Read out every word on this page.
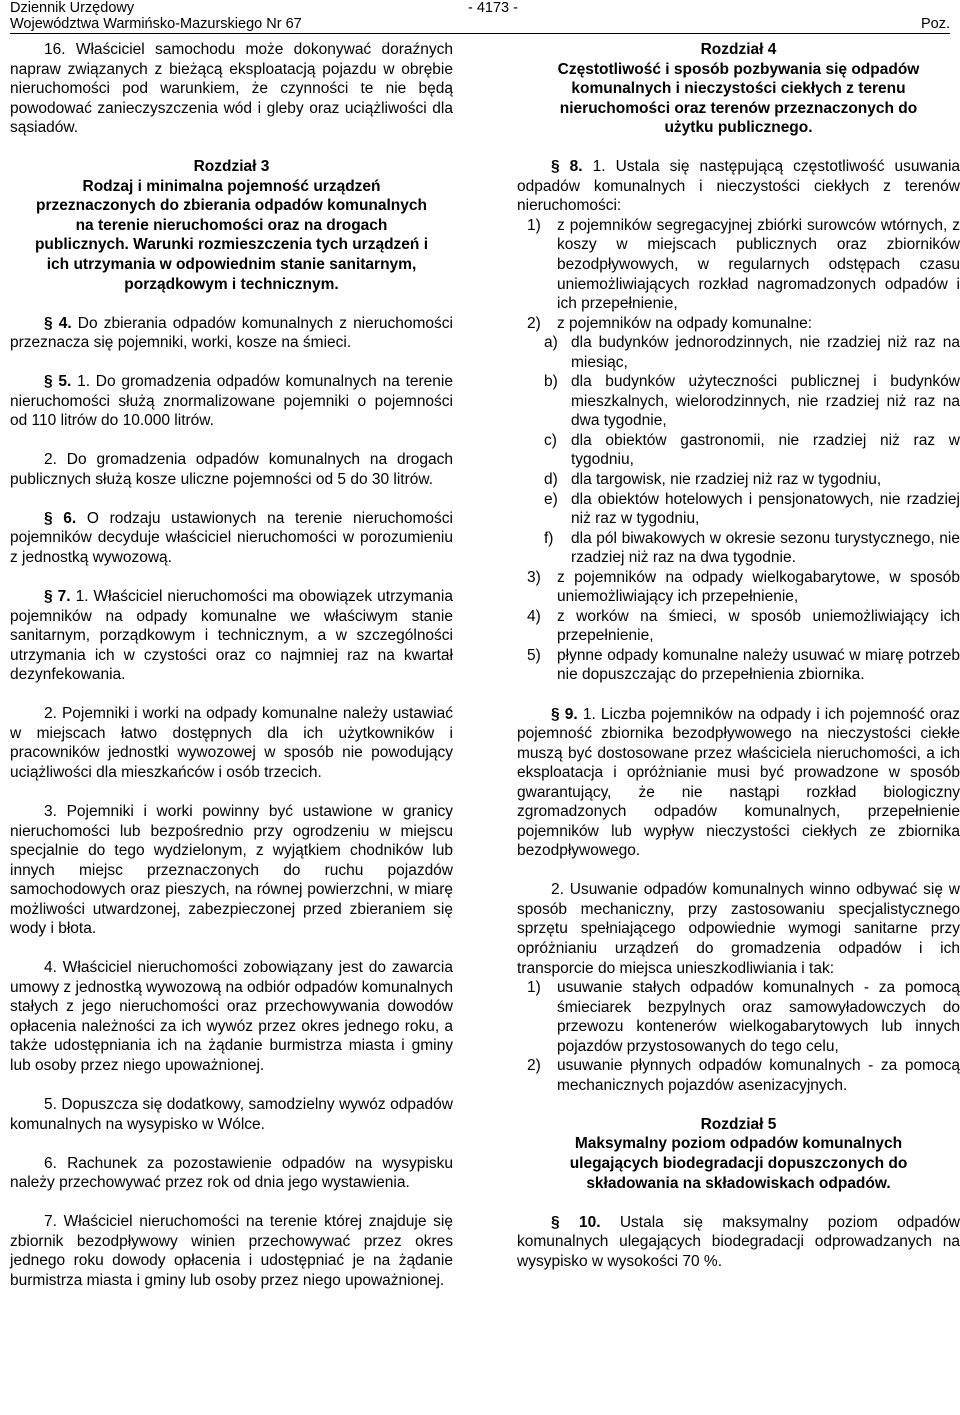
Dziennik Urzędowy
Województwa Warmińsko-Mazurskiego Nr 67
- 4173 -
Poz.

16. Właściciel samochodu może dokonywać doraźnych napraw związanych z bieżącą eksploatacją pojazdu w obrębie nieruchomości pod warunkiem, że czynności te nie będą powodować zanieczyszczenia wód i gleby oraz uciążliwości dla sąsiadów.

Rozdział 3
Rodzaj i minimalna pojemność urządzeń
przeznaczonych do zbierania odpadów komunalnych
na terenie nieruchomości oraz na drogach
publicznych. Warunki rozmieszczenia tych urządzeń i
ich utrzymania w odpowiednim stanie sanitarnym,
porządkowym i technicznym.

§ 4. Do zbierania odpadów komunalnych z nieruchomości przeznacza się pojemniki, worki, kosze na śmieci.

§ 5. 1. Do gromadzenia odpadów komunalnych na terenie nieruchomości służą znormalizowane pojemniki o pojemności od 110 litrów do 10.000 litrów.

2. Do gromadzenia odpadów komunalnych na drogach publicznych służą kosze uliczne pojemności od 5 do 30 litrów.

§ 6. O rodzaju ustawionych na terenie nieruchomości pojemników decyduje właściciel nieruchomości w porozumieniu z jednostką wywozową.

§ 7. 1. Właściciel nieruchomości ma obowiązek utrzymania pojemników na odpady komunalne we właściwym stanie sanitarnym, porządkowym i technicznym, a w szczególności utrzymania ich w czystości oraz co najmniej raz na kwartał dezynfekowania.

2. Pojemniki i worki na odpady komunalne należy ustawiać w miejscach łatwo dostępnych dla ich użytkowników i pracowników jednostki wywozowej w sposób nie powodujący uciążliwości dla mieszkańców i osób trzecich.

3. Pojemniki i worki powinny być ustawione w granicy nieruchomości lub bezpośrednio przy ogrodzeniu w miejscu specjalnie do tego wydzielonym, z wyjątkiem chodników lub innych miejsc przeznaczonych do ruchu pojazdów samochodowych oraz pieszych, na równej powierzchni, w miarę możliwości utwardzonej, zabezpieczonej przed zbieraniem się wody i błota.

4. Właściciel nieruchomości zobowiązany jest do zawarcia umowy z jednostką wywozową na odbiór odpadów komunalnych stałych z jego nieruchomości oraz przechowywania dowodów opłacenia należności za ich wywóz przez okres jednego roku, a także udostępniania ich na żądanie burmistrza miasta i gminy lub osoby przez niego upoważnionej.

5. Dopuszcza się dodatkowy, samodzielny wywóz odpadów komunalnych na wysypisko w Wólce.

6. Rachunek za pozostawienie odpadów na wysypisku należy przechowywać przez rok od dnia jego wystawienia.

7. Właściciel nieruchomości na terenie której znajduje się zbiornik bezodpływowy winien przechowywać przez okres jednego roku dowody opłacenia i udostępniać je na żądanie burmistrza miasta i gminy lub osoby przez niego upoważnionej.

Rozdział 4
Częstotliwość i sposób pozbywania się odpadów
komunalnych i nieczystości ciekłych z terenu
nieruchomości oraz terenów przeznaczonych do
użytku publicznego.

§ 8. 1. Ustala się następującą częstotliwość usuwania odpadów komunalnych i nieczystości ciekłych z terenów nieruchomości:

1)	z pojemników segregacyjnej zbiórki surowców wtórnych, z koszy w miejscach publicznych oraz zbiorników bezodpływowych, w regularnych odstępach czasu uniemożliwiających rozkład nagromadzonych odpadów i ich przepełnienie,
2)	z pojemników na odpady komunalne:
a) dla budynków jednorodzinnych, nie rzadziej niż raz na miesiąc,
b) dla budynków użyteczności publicznej i budynków mieszkalnych, wielorodzinnych, nie rzadziej niż raz na dwa tygodnie,
c) dla obiektów gastronomii, nie rzadziej niż raz w tygodniu,
d) dla targowisk, nie rzadziej niż raz w tygodniu,
e) dla obiektów hotelowych i pensjonatowych, nie rzadziej niż raz w tygodniu,
f)	dla pól biwakowych w okresie sezonu turystycznego, nie rzadziej niż raz na dwa tygodnie.
3)	z pojemników na odpady wielkogabarytowe, w sposób uniemożliwiający ich przepełnienie,
4)	z worków na śmieci, w sposób uniemożliwiający ich przepełnienie,
5)	płynne odpady komunalne należy usuwać w miarę potrzeb nie dopuszczając do przepełnienia zbiornika.

§ 9. 1. Liczba pojemników na odpady i ich pojemność oraz pojemność zbiornika bezodpływowego na nieczystości ciekłe muszą być dostosowane przez właściciela nieruchomości, a ich eksploatacja i opróżnianie musi być prowadzone w sposób gwarantujący, że nie nastąpi rozkład biologiczny zgromadzonych odpadów komunalnych, przepełnienie pojemników lub wypływ nieczystości ciekłych ze zbiornika bezodpływowego.

2. Usuwanie odpadów komunalnych winno odbywać się w sposób mechaniczny, przy zastosowaniu specjalistycznego sprzętu spełniającego odpowiednie wymogi sanitarne przy opróżnianiu urządzeń do gromadzenia odpadów i ich transporcie do miejsca unieszkodliwiania i tak:

1)	usuwanie stałych odpadów komunalnych - za pomocą śmieciarek bezpylnych oraz samowyładowczych do przewozu kontenerów wielkogabarytowych lub innych pojazdów przystosowanych do tego celu,
2)	usuwanie płynnych odpadów komunalnych - za pomocą mechanicznych pojazdów asenizacyjnych.
Rozdział 5
Maksymalny poziom odpadów komunalnych
ulegających biodegradacji dopuszczonych do
składowania na składowiskach odpadów.

§ 10. Ustala się maksymalny poziom odpadów komunalnych ulegających biodegradacji odprowadzanych na wysypisko w wysokości 70 %.
